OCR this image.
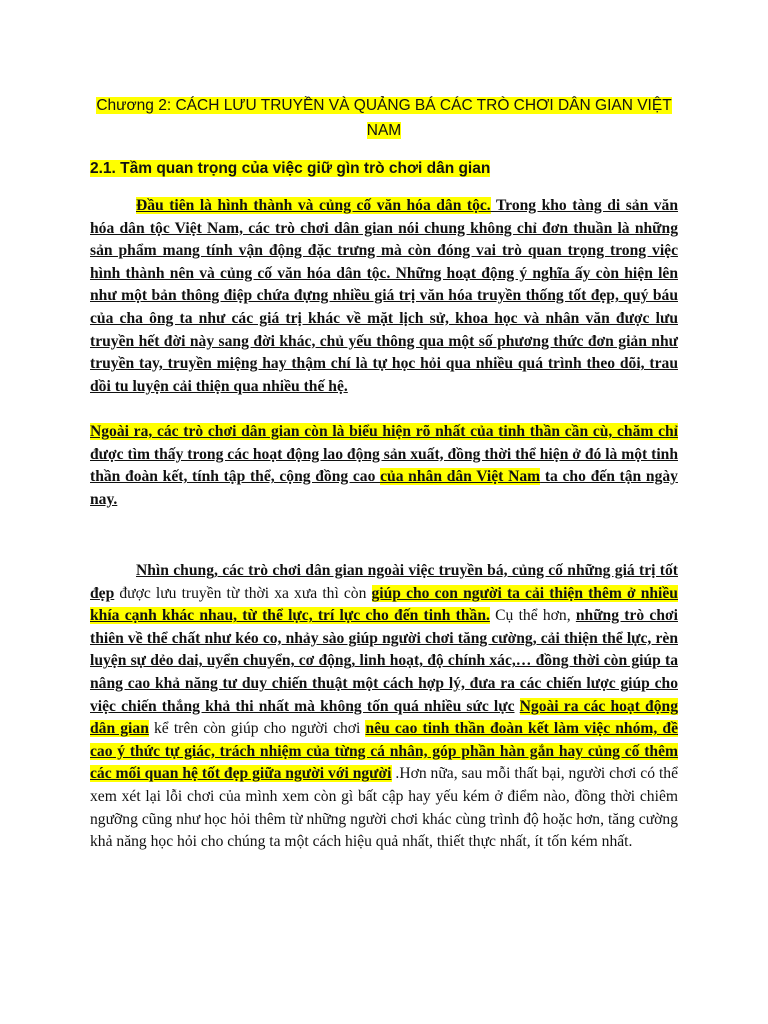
Chương 2: CÁCH LƯU TRUYỀN VÀ QUẢNG BÁ CÁC TRÒ CHƠI DÂN GIAN VIỆT NAM
2.1. Tầm quan trọng của việc giữ gìn trò chơi dân gian

Đầu tiên là hình thành và củng cố văn hóa dân tộc. Trong kho tàng di sản văn hóa dân tộc Việt Nam, các trò chơi dân gian nói chung không chỉ đơn thuần là những sản phẩm mang tính vận động đặc trưng mà còn đóng vai trò quan trọng trong việc hình thành nên và củng cố văn hóa dân tộc. Những hoạt động ý nghĩa ấy còn hiện lên như một bản thông điệp chứa đựng nhiều giá trị văn hóa truyền thống tốt đẹp, quý báu của cha ông ta như các giá trị khác về mặt lịch sử, khoa học và nhân văn được lưu truyền hết đời này sang đời khác, chủ yếu thông qua một số phương thức đơn giản như truyền tay, truyền miệng hay thậm chí là tự học hỏi qua nhiều quá trình theo dõi, trau dồi tu luyện cải thiện qua nhiều thế hệ.

Ngoài ra, các trò chơi dân gian còn là biểu hiện rõ nhất của tinh thần cần cù, chăm chỉ được tìm thấy trong các hoạt động lao động sản xuất, đồng thời thể hiện ở đó là một tinh thần đoàn kết, tính tập thể, cộng đồng cao của nhân dân Việt Nam ta cho đến tận ngày nay.

Nhìn chung, các trò chơi dân gian ngoài việc truyền bá, củng cố những giá trị tốt đẹp được lưu truyền từ thời xa xưa thì còn giúp cho con người ta cải thiện thêm ở nhiều khía cạnh khác nhau, từ thể lực, trí lực cho đến tinh thần. Cụ thể hơn, những trò chơi thiên về thể chất như kéo co, nhảy sào giúp người chơi tăng cường, cải thiện thể lực, rèn luyện sự dẻo dai, uyển chuyển, cơ động, linh hoạt, độ chính xác,… đồng thời còn giúp ta nâng cao khả năng tư duy chiến thuật một cách hợp lý, đưa ra các chiến lược giúp cho việc chiến thắng khả thi nhất mà không tốn quá nhiều sức lực Ngoài ra các hoạt động dân gian kể trên còn giúp cho người chơi nêu cao tinh thần đoàn kết làm việc nhóm, đề cao ý thức tự giác, trách nhiệm của từng cá nhân, góp phần hàn gắn hay củng cố thêm các mối quan hệ tốt đẹp giữa người với người .Hơn nữa, sau mỗi thất bại, người chơi có thể xem xét lại lỗi chơi của mình xem còn gì bất cập hay yếu kém ở điểm nào, đồng thời chiêm ngưỡng cũng như học hỏi thêm từ những người chơi khác cùng trình độ hoặc hơn, tăng cường khả năng học hỏi cho chúng ta một cách hiệu quả nhất, thiết thực nhất, ít tốn kém nhất.
